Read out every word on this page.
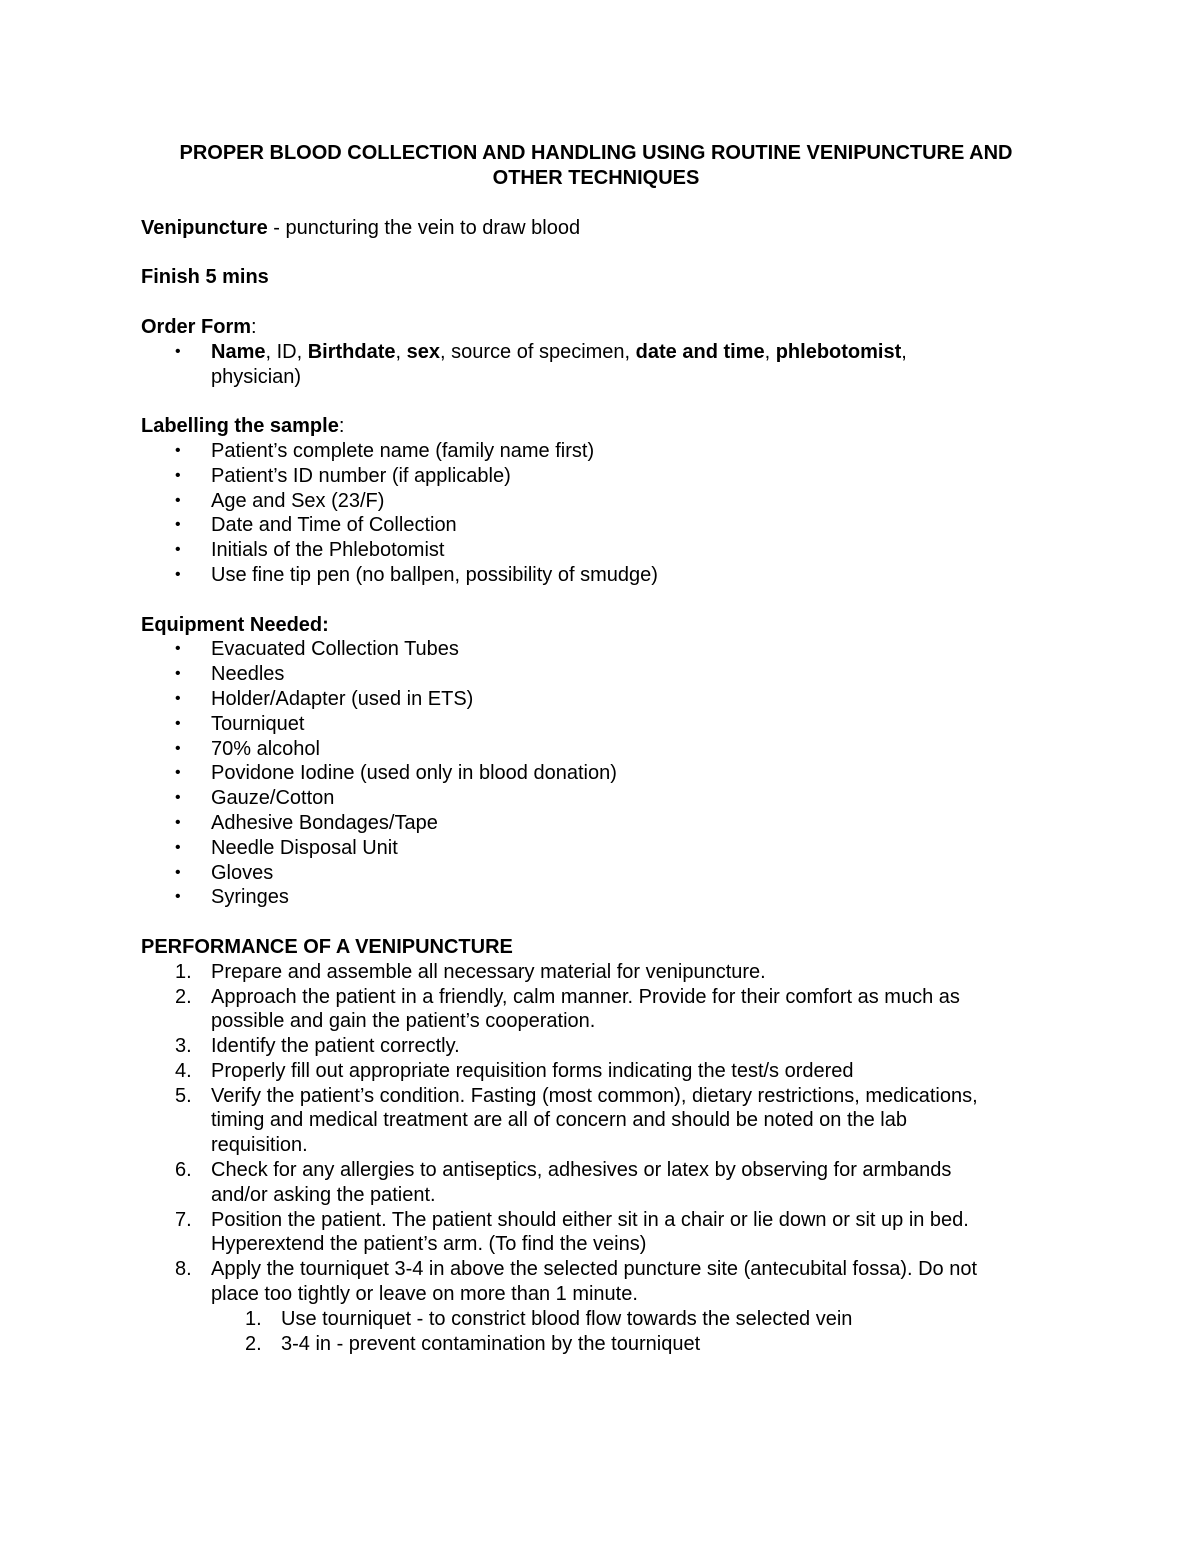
PROPER BLOOD COLLECTION AND HANDLING USING ROUTINE VENIPUNCTURE AND
OTHER TECHNIQUES

Venipuncture - puncturing the vein to draw blood

Finish 5 mins

Order Form:

• Name, ID, Birthdate, sex, source of specimen, date and time, phlebotomist,
physician)

Labelling the sample:

• Patient’s complete name (family name first)
• Patient’s ID number (if applicable)
• Age and Sex (23/F)
• Date and Time of Collection
• Initials of the Phlebotomist
• Use fine tip pen (no ballpen, possibility of smudge)

Equipment Needed:

• Evacuated Collection Tubes
• Needles
• Holder/Adapter (used in ETS)
• Tourniquet
• 70% alcohol
• Povidone Iodine (used only in blood donation)
• Gauze/Cotton
• Adhesive Bondages/Tape
• Needle Disposal Unit
• Gloves
• Syringes

PERFORMANCE OF A VENIPUNCTURE

1. Prepare and assemble all necessary material for venipuncture.
2. Approach the patient in a friendly, calm manner. Provide for their comfort as much as
possible and gain the patient’s cooperation.
3. Identify the patient correctly.
4. Properly fill out appropriate requisition forms indicating the test/s ordered
5. Verify the patient’s condition. Fasting (most common), dietary restrictions, medications,
timing and medical treatment are all of concern and should be noted on the lab
requisition.
6. Check for any allergies to antiseptics, adhesives or latex by observing for armbands
and/or asking the patient.
7. Position the patient. The patient should either sit in a chair or lie down or sit up in bed.
Hyperextend the patient’s arm. (To find the veins)
8. Apply the tourniquet 3-4 in above the selected puncture site (antecubital fossa). Do not
place too tightly or leave on more than 1 minute.
1. Use tourniquet - to constrict blood flow towards the selected vein
2. 3-4 in - prevent contamination by the tourniquet
